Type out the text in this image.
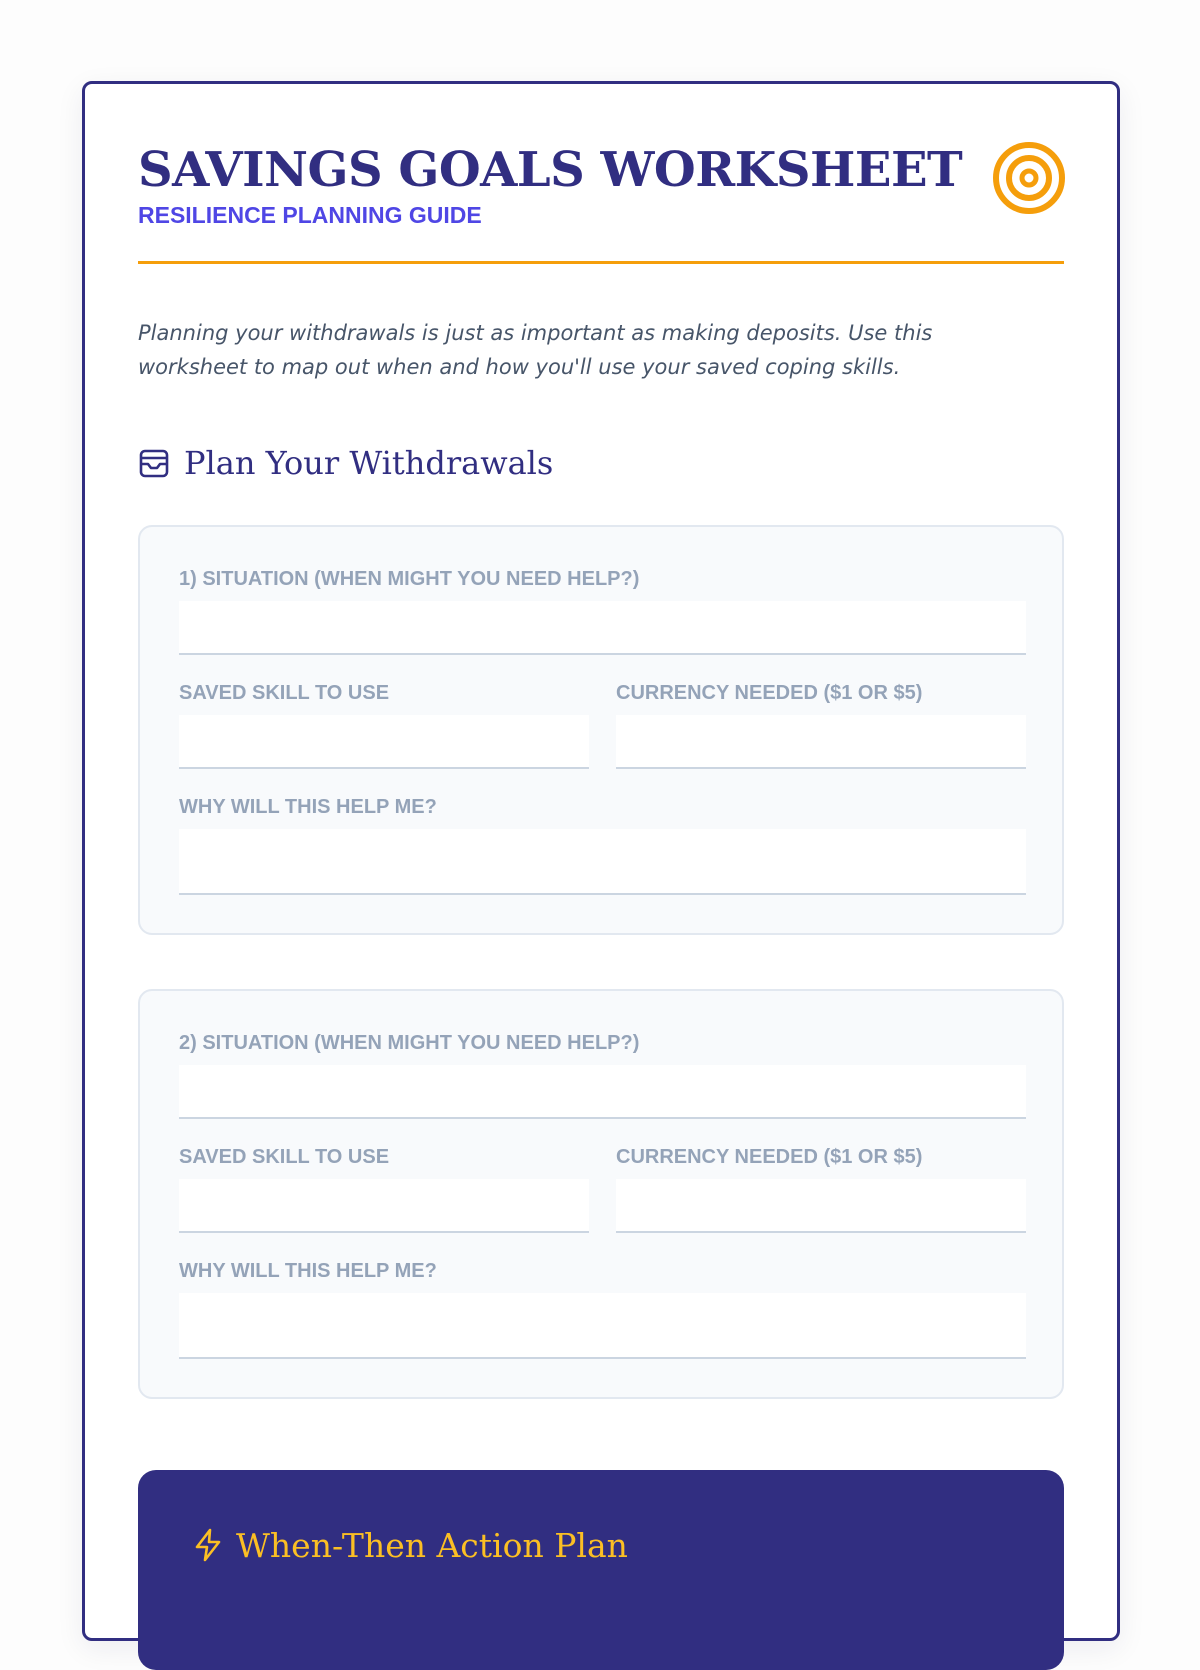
SAVINGS GOALS WORKSHEET
RESILIENCE PLANNING GUIDE

Planning your withdrawals is just as important as making deposits. Use this worksheet to map out when and how you'll use your saved coping skills.

Plan Your Withdrawals
1) SITUATION (WHEN MIGHT YOU NEED HELP?)
SAVED SKILL TO USE	CURRENCY NEEDED ($1 OR $5)
WHY WILL THIS HELP ME?
2) SITUATION (WHEN MIGHT YOU NEED HELP?)
SAVED SKILL TO USE	CURRENCY NEEDED ($1 OR $5)
WHY WILL THIS HELP ME?
When-Then Action Plan
